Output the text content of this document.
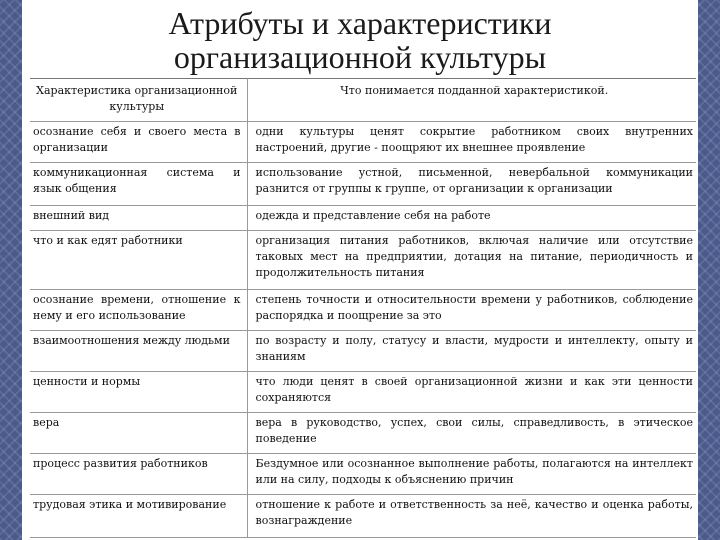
Атрибуты и характеристики
организационной культуры
Характеристика организационной культуры	Что понимается подданной характеристикой.
осознание себя и своего места в организации	одни культуры ценят сокрытие работником своих внутренних настроений, другие - поощряют их внешнее проявление
коммуникационная система и язык общения	использование устной, письменной, невербальной коммуникации разнится от группы к группе, от организации к организации
внешний вид	одежда и представление себя на работе
что и как едят работники	организация питания работников, включая наличие или отсутствие таковых мест на предприятии, дотация на питание, периодичность и продолжительность питания
осознание времени, отношение к нему и его использование	степень точности и относительности времени у работников, соблюдение распорядка и поощрение за это
взаимоотношения между людьми	по возрасту и полу, статусу и власти, мудрости и интеллекту, опыту и знаниям
ценности и нормы	что люди ценят в своей организационной жизни и как эти ценности сохраняются
вера	вера в руководство, успех, свои силы, справедливость, в этическое поведение
процесс развития работников	Бездумное или осознанное выполнение работы, полагаются на интеллект или на силу, подходы к объяснению причин
трудовая этика и мотивирование	отношение к работе и ответственность за неё, качество и оценка работы, вознаграждение
